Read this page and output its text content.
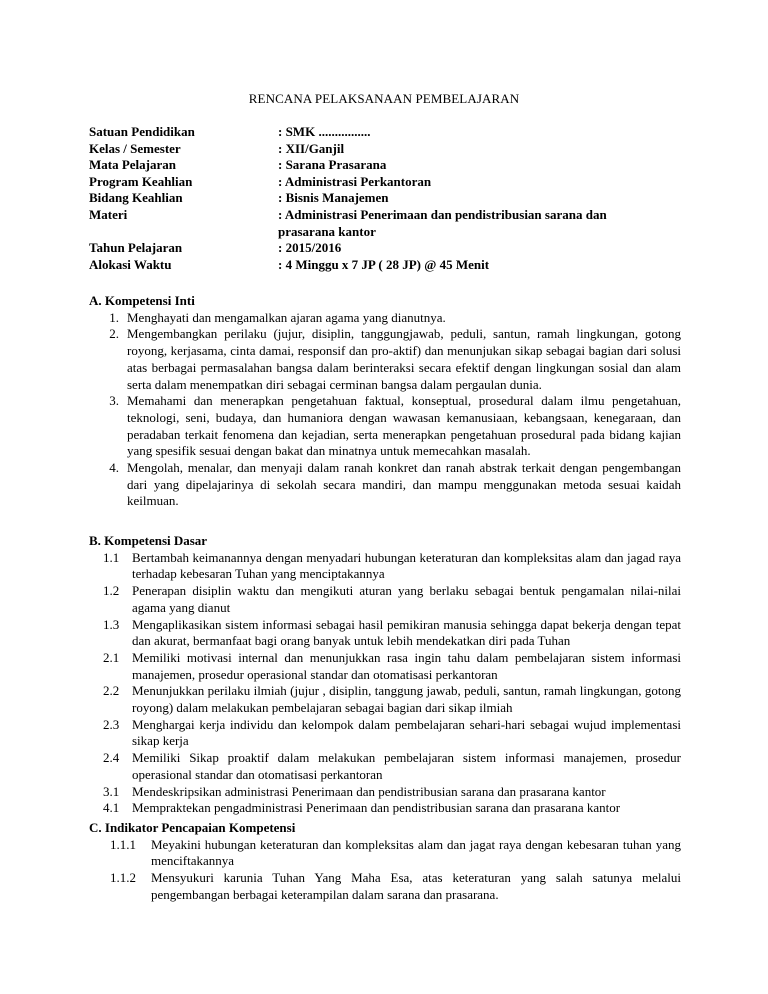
RENCANA PELAKSANAAN PEMBELAJARAN
Satuan Pendidikan	: SMK ................
Kelas / Semester	: XII/Ganjil
Mata Pelajaran	: Sarana Prasarana
Program Keahlian	: Administrasi Perkantoran
Bidang Keahlian	: Bisnis Manajemen
Materi	: Administrasi Penerimaan dan pendistribusian sarana dan prasarana kantor
Tahun Pelajaran	: 2015/2016
Alokasi Waktu	: 4 Minggu x 7 JP ( 28 JP) @ 45 Menit
A. Kompetensi Inti
1. Menghayati dan mengamalkan ajaran agama yang dianutnya.
2. Mengembangkan perilaku (jujur, disiplin, tanggungjawab, peduli, santun, ramah lingkungan, gotong royong, kerjasama, cinta damai, responsif dan pro-aktif) dan menunjukan sikap sebagai bagian dari solusi atas berbagai permasalahan bangsa dalam berinteraksi secara efektif dengan lingkungan sosial dan alam serta dalam menempatkan diri sebagai cerminan bangsa dalam pergaulan dunia.
3. Memahami dan menerapkan pengetahuan faktual, konseptual, prosedural dalam ilmu pengetahuan, teknologi, seni, budaya, dan humaniora dengan wawasan kemanusiaan, kebangsaan, kenegaraan, dan peradaban terkait fenomena dan kejadian, serta menerapkan pengetahuan prosedural pada bidang kajian yang spesifik sesuai dengan bakat dan minatnya untuk memecahkan masalah.
4. Mengolah, menalar, dan menyaji dalam ranah konkret dan ranah abstrak terkait dengan pengembangan dari yang dipelajarinya di sekolah secara mandiri, dan mampu menggunakan metoda sesuai kaidah keilmuan.
B. Kompetensi Dasar
1.1 Bertambah keimanannya dengan menyadari hubungan keteraturan dan kompleksitas alam dan jagad raya terhadap kebesaran Tuhan yang menciptakannya
1.2 Penerapan disiplin waktu dan mengikuti aturan yang berlaku sebagai bentuk pengamalan nilai-nilai agama yang dianut
1.3 Mengaplikasikan sistem informasi sebagai hasil pemikiran manusia sehingga dapat bekerja dengan tepat dan akurat, bermanfaat bagi orang banyak untuk lebih mendekatkan diri pada Tuhan
2.1 Memiliki motivasi internal dan menunjukkan rasa ingin tahu dalam pembelajaran sistem informasi manajemen, prosedur operasional standar dan otomatisasi perkantoran
2.2 Menunjukkan perilaku ilmiah (jujur , disiplin, tanggung jawab, peduli, santun, ramah lingkungan, gotong royong) dalam melakukan pembelajaran sebagai bagian dari sikap ilmiah
2.3 Menghargai kerja individu dan kelompok dalam pembelajaran sehari-hari sebagai wujud implementasi sikap kerja
2.4 Memiliki Sikap proaktif dalam melakukan pembelajaran sistem informasi manajemen, prosedur operasional standar dan otomatisasi perkantoran
3.1 Mendeskripsikan administrasi Penerimaan dan pendistribusian sarana dan prasarana kantor
4.1 Mempraktekan pengadministrasi Penerimaan dan pendistribusian sarana dan prasarana kantor
C. Indikator Pencapaian Kompetensi
1.1.1	Meyakini hubungan keteraturan dan kompleksitas alam dan jagat raya dengan kebesaran tuhan yang menciftakannya
1.1.2	Mensyukuri karunia Tuhan Yang Maha Esa, atas keteraturan yang salah satunya melalui pengembangan berbagai keterampilan dalam sarana dan prasarana.
